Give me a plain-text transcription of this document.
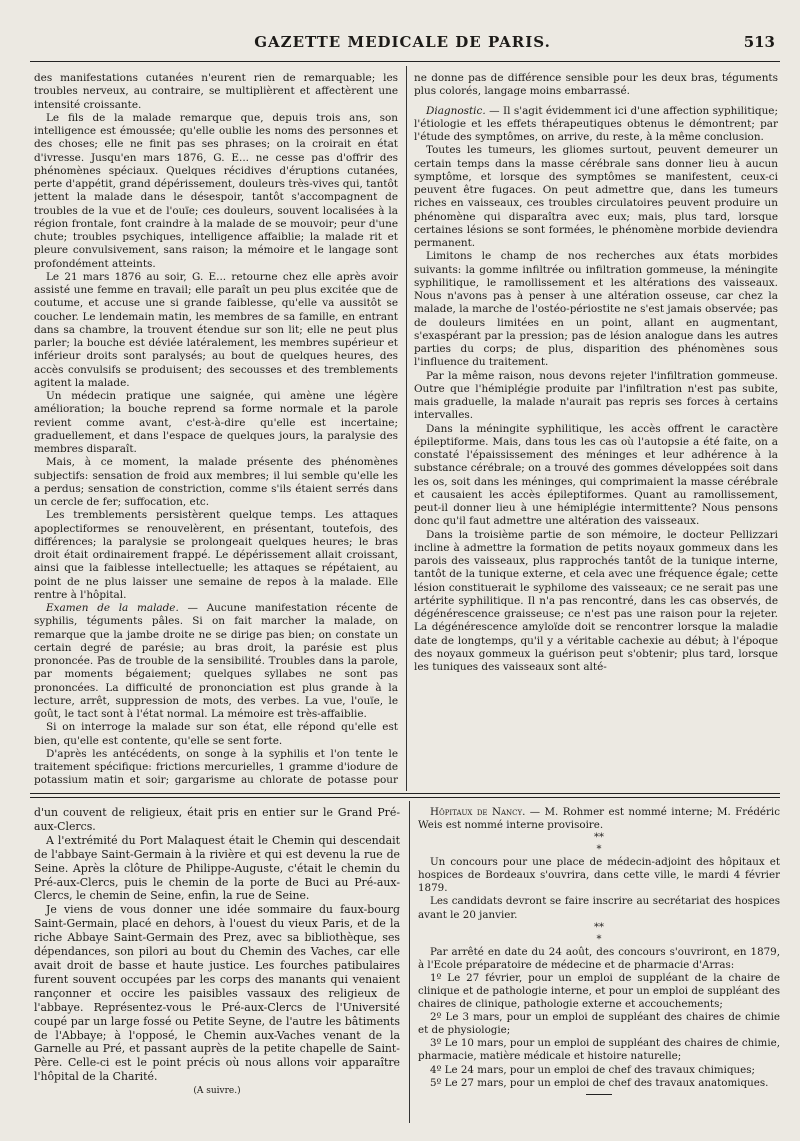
GAZETTE MEDICALE DE PARIS.	513

des manifestations cutanées n'eurent rien de remarquable; les troubles nerveux, au contraire, se multiplièrent et affectèrent une intensité croissante.

Le fils de la malade remarque que, depuis trois ans, son intelligence est émoussée; qu'elle oublie les noms des personnes et des choses; elle ne finit pas ses phrases; on la croirait en état d'ivresse. Jusqu'en mars 1876, G. E... ne cesse pas d'offrir des phénomènes spéciaux. Quelques récidives d'éruptions cutanées, perte d'appétit, grand dépérissement, douleurs très-vives qui, tantôt jettent la malade dans le désespoir, tantôt s'accompagnent de troubles de la vue et de l'ouïe; ces douleurs, souvent localisées à la région frontale, font craindre à la malade de se mouvoir; peur d'une chute; troubles psychiques, intelligence affaiblie; la malade rit et pleure convulsivement, sans raison; la mémoire et le langage sont profondément atteints.

Le 21 mars 1876 au soir, G. E... retourne chez elle après avoir assisté une femme en travail; elle paraît un peu plus excitée que de coutume, et accuse une si grande faiblesse, qu'elle va aussitôt se coucher. Le lendemain matin, les membres de sa famille, en entrant dans sa chambre, la trouvent étendue sur son lit; elle ne peut plus parler; la bouche est déviée latéralement, les membres supérieur et inférieur droits sont paralysés; au bout de quelques heures, des accès convulsifs se produisent; des secousses et des tremblements agitent la malade.

Un médecin pratique une saignée, qui amène une légère amélioration; la bouche reprend sa forme normale et la parole revient comme avant, c'est-à-dire qu'elle est incertaine; graduellement, et dans l'espace de quelques jours, la paralysie des membres disparaît.

Mais, à ce moment, la malade présente des phénomènes subjectifs: sensation de froid aux membres; il lui semble qu'elle les a perdus; sensation de constriction, comme s'ils étaient serrés dans un cercle de fer; suffocation, etc.

Les tremblements persistèrent quelque temps. Les attaques apoplectiformes se renouvelèrent, en présentant, toutefois, des différences; la paralysie se prolongeait quelques heures; le bras droit était ordinairement frappé. Le dépérissement allait croissant, ainsi que la faiblesse intellectuelle; les attaques se répétaient, au point de ne plus laisser une semaine de repos à la malade. Elle rentre à l'hôpital.

Examen de la malade. — Aucune manifestation récente de syphilis, téguments pâles. Si on fait marcher la malade, on remarque que la jambe droite ne se dirige pas bien; on constate un certain degré de parésie; au bras droit, la parésie est plus prononcée. Pas de trouble de la sensibilité. Troubles dans la parole, par moments bégaiement; quelques syllabes ne sont pas prononcées. La difficulté de prononciation est plus grande à la lecture, arrêt, suppression de mots, des verbes. La vue, l'ouïe, le goût, le tact sont à l'état normal. La mémoire est très-affaiblie.

Si on interroge la malade sur son état, elle répond qu'elle est bien, qu'elle est contente, qu'elle se sent forte.

D'après les antécédents, on songe à la syphilis et l'on tente le traitement spécifique: frictions mercurielles, 1 gramme d'iodure de potassium matin et soir; gargarisme au chlorate de potasse pour

ne donne pas de différence sensible pour les deux bras, téguments plus colorés, langage moins embarrassé.

Diagnostic. — Il s'agit évidemment ici d'une affection syphilitique; l'étiologie et les effets thérapeutiques obtenus le démontrent; par l'étude des symptômes, on arrive, du reste, à la même conclusion.

Toutes les tumeurs, les gliomes surtout, peuvent demeurer un certain temps dans la masse cérébrale sans donner lieu à aucun symptôme, et lorsque des symptômes se manifestent, ceux-ci peuvent être fugaces. On peut admettre que, dans les tumeurs riches en vaisseaux, ces troubles circulatoires peuvent produire un phénomène qui disparaîtra avec eux; mais, plus tard, lorsque certaines lésions se sont formées, le phénomène morbide deviendra permanent.

Limitons le champ de nos recherches aux états morbides suivants: la gomme infiltrée ou infiltration gommeuse, la méningite syphilitique, le ramollissement et les altérations des vaisseaux. Nous n'avons pas à penser à une altération osseuse, car chez la malade, la marche de l'ostéo-périostite ne s'est jamais observée; pas de douleurs limitées en un point, allant en augmentant, s'exaspérant par la pression; pas de lésion analogue dans les autres parties du corps; de plus, disparition des phénomènes sous l'influence du traitement.

Par la même raison, nous devons rejeter l'infiltration gommeuse. Outre que l'hémiplégie produite par l'infiltration n'est pas subite, mais graduelle, la malade n'aurait pas repris ses forces à certains intervalles.

Dans la méningite syphilitique, les accès offrent le caractère épileptiforme. Mais, dans tous les cas où l'autopsie a été faite, on a constaté l'épaississement des méninges et leur adhérence à la substance cérébrale; on a trouvé des gommes développées soit dans les os, soit dans les méninges, qui comprimaient la masse cérébrale et causaient les accès épileptiformes. Quant au ramollissement, peut-il donner lieu à une hémiplégie intermittente? Nous pensons donc qu'il faut admettre une altération des vaisseaux.

Dans la troisième partie de son mémoire, le docteur Pellizzari incline à admettre la formation de petits noyaux gommeux dans les parois des vaisseaux, plus rapprochés tantôt de la tunique interne, tantôt de la tunique externe, et cela avec une fréquence égale; cette lésion constituerait le syphilome des vaisseaux; ce ne serait pas une artérite syphilitique. Il n'a pas rencontré, dans les cas observés, de dégénérescence graisseuse; ce n'est pas une raison pour la rejeter. La dégénérescence amyloïde doit se rencontrer lorsque la maladie date de longtemps, qu'il y a véritable cachexie au début; à l'époque des noyaux gommeux la guérison peut s'obtenir; plus tard, lorsque les tuniques des vaisseaux sont alté-

d'un couvent de religieux, était pris en entier sur le Grand Pré-aux-Clercs.

A l'extrémité du Port Malaquest était le Chemin qui descendait de l'abbaye Saint-Germain à la rivière et qui est devenu la rue de Seine. Après la clôture de Philippe-Auguste, c'était le chemin du Pré-aux-Clercs, puis le chemin de la porte de Buci au Pré-aux-Clercs, le chemin de Seine, enfin, la rue de Seine.

Je viens de vous donner une idée sommaire du faux-bourg Saint-Germain, placé en dehors, à l'ouest du vieux Paris, et de la riche Abbaye Saint-Germain des Prez, avec sa bibliothèque, ses dépendances, son pilori au bout du Chemin des Vaches, car elle avait droit de basse et haute justice. Les fourches patibulaires furent souvent occupées par les corps des manants qui venaient rançonner et occire les paisibles vassaux des religieux de l'abbaye. Représentez-vous le Pré-aux-Clercs de l'Université coupé par un large fossé ou Petite Seyne, de l'autre les bâtiments de l'Abbaye; à l'opposé, le Chemin aux-Vaches venant de la Garnelle au Pré, et passant auprès de la petite chapelle de Saint-Père. Celle-ci est le point précis où nous allons voir apparaître l'hôpital de la Charité.

(A suivre.)

Hôpitaux de Nancy. — M. Rohmer est nommé interne; M. Frédéric Weis est nommé interne provisoire.

**
*

Un concours pour une place de médecin-adjoint des hôpitaux et hospices de Bordeaux s'ouvrira, dans cette ville, le mardi 4 février 1879.

Les candidats devront se faire inscrire au secrétariat des hospices avant le 20 janvier.

**
*

Par arrêté en date du 24 août, des concours s'ouvriront, en 1879, à l'Ecole préparatoire de médecine et de pharmacie d'Arras:

1º Le 27 février, pour un emploi de suppléant de la chaire de clinique et de pathologie interne, et pour un emploi de suppléant des chaires de clinique, pathologie externe et accouchements;

2º Le 3 mars, pour un emploi de suppléant des chaires de chimie et de physiologie;

3º Le 10 mars, pour un emploi de suppléant des chaires de chimie, pharmacie, matière médicale et histoire naturelle;

4º Le 24 mars, pour un emploi de chef des travaux chimiques;

5º Le 27 mars, pour un emploi de chef des travaux anatomiques.
